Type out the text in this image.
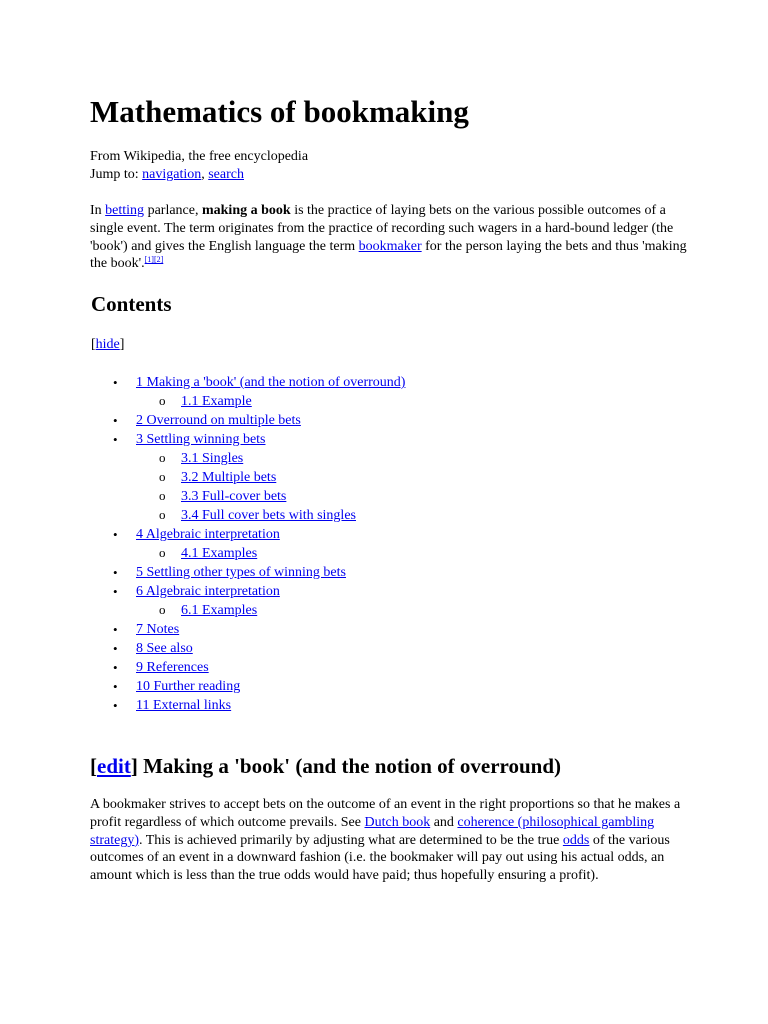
Mathematics of bookmaking
From Wikipedia, the free encyclopedia
Jump to: navigation, search

In betting parlance, making a book is the practice of laying bets on the various possible outcomes of a single event. The term originates from the practice of recording such wagers in a hard-bound ledger (the 'book') and gives the English language the term bookmaker for the person laying the bets and thus 'making the book'.[1][2]

Contents
[hide]
• 1 Making a 'book' (and the notion of overround)
o 1.1 Example
• 2 Overround on multiple bets
• 3 Settling winning bets
o 3.1 Singles
o 3.2 Multiple bets
o 3.3 Full-cover bets
o 3.4 Full cover bets with singles
• 4 Algebraic interpretation
o 4.1 Examples
• 5 Settling other types of winning bets
• 6 Algebraic interpretation
o 6.1 Examples
• 7 Notes
• 8 See also
• 9 References
• 10 Further reading
• 11 External links
[edit] Making a 'book' (and the notion of overround)

A bookmaker strives to accept bets on the outcome of an event in the right proportions so that he makes a profit regardless of which outcome prevails. See Dutch book and coherence (philosophical gambling strategy). This is achieved primarily by adjusting what are determined to be the true odds of the various outcomes of an event in a downward fashion (i.e. the bookmaker will pay out using his actual odds, an amount which is less than the true odds would have paid; thus hopefully ensuring a profit).
